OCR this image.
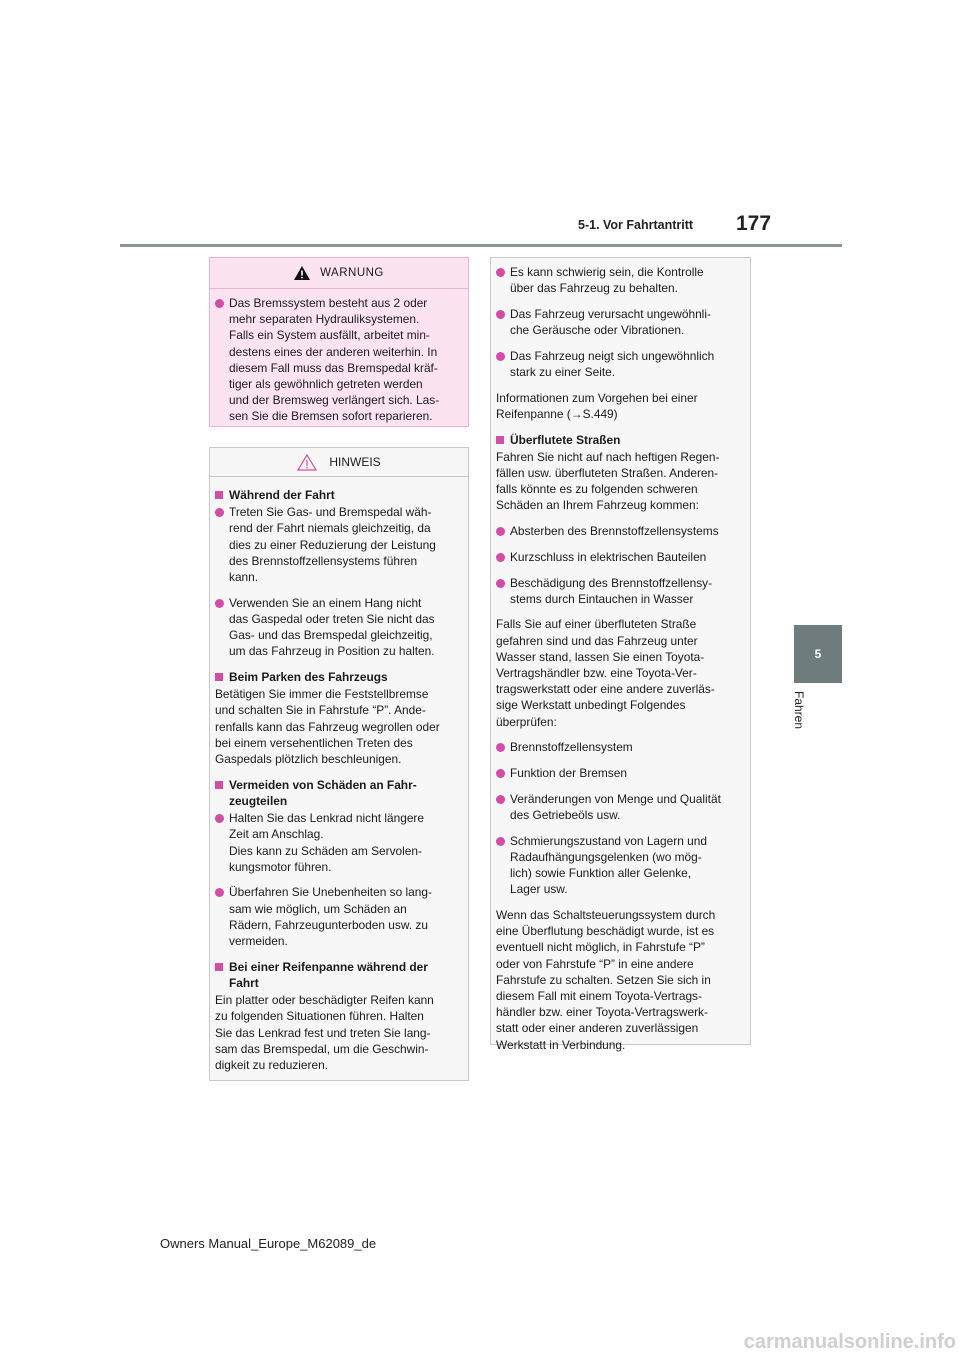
5-1. Vor Fahrtantritt 177
5
Fahren
WARNUNG
Das Bremssystem besteht aus 2 oder
mehr separaten Hydrauliksystemen.
Falls ein System ausfällt, arbeitet min-
destens eines der anderen weiterhin. In
diesem Fall muss das Bremspedal kräf-
tiger als gewöhnlich getreten werden
und der Bremsweg verlängert sich. Las-
sen Sie die Bremsen sofort reparieren.
HINWEIS
Während der Fahrt
Treten Sie Gas- und Bremspedal wäh-
rend der Fahrt niemals gleichzeitig, da
dies zu einer Reduzierung der Leistung
des Brennstoffzellensystems führen
kann.
Verwenden Sie an einem Hang nicht
das Gaspedal oder treten Sie nicht das
Gas- und das Bremspedal gleichzeitig,
um das Fahrzeug in Position zu halten.
Beim Parken des Fahrzeugs
Betätigen Sie immer die Feststellbremse
und schalten Sie in Fahrstufe “P”. Ande-
renfalls kann das Fahrzeug wegrollen oder
bei einem versehentlichen Treten des
Gaspedals plötzlich beschleunigen.
Vermeiden von Schäden an Fahr-
zeugteilen
Halten Sie das Lenkrad nicht längere
Zeit am Anschlag.
Dies kann zu Schäden am Servolen-
kungsmotor führen.
Überfahren Sie Unebenheiten so lang-
sam wie möglich, um Schäden an
Rädern, Fahrzeugunterboden usw. zu
vermeiden.
Bei einer Reifenpanne während der
Fahrt
Ein platter oder beschädigter Reifen kann
zu folgenden Situationen führen. Halten
Sie das Lenkrad fest und treten Sie lang-
sam das Bremspedal, um die Geschwin-
digkeit zu reduzieren.
Es kann schwierig sein, die Kontrolle
über das Fahrzeug zu behalten.
Das Fahrzeug verursacht ungewöhnli-
che Geräusche oder Vibrationen.
Das Fahrzeug neigt sich ungewöhnlich
stark zu einer Seite.
Informationen zum Vorgehen bei einer
Reifenpanne (→S.449)
Überflutete Straßen
Fahren Sie nicht auf nach heftigen Regen-
fällen usw. überfluteten Straßen. Anderen-
falls könnte es zu folgenden schweren
Schäden an Ihrem Fahrzeug kommen:
Absterben des Brennstoffzellensystems
Kurzschluss in elektrischen Bauteilen
Beschädigung des Brennstoffzellensy-
stems durch Eintauchen in Wasser
Falls Sie auf einer überfluteten Straße
gefahren sind und das Fahrzeug unter
Wasser stand, lassen Sie einen Toyota-
Vertragshändler bzw. eine Toyota-Ver-
tragswerkstatt oder eine andere zuverläs-
sige Werkstatt unbedingt Folgendes
überprüfen:
Brennstoffzellensystem
Funktion der Bremsen
Veränderungen von Menge und Qualität
des Getriebeöls usw.
Schmierungszustand von Lagern und
Radaufhängungsgelenken (wo mög-
lich) sowie Funktion aller Gelenke,
Lager usw.
Wenn das Schaltsteuerungssystem durch
eine Überflutung beschädigt wurde, ist es
eventuell nicht möglich, in Fahrstufe “P”
oder von Fahrstufe “P” in eine andere
Fahrstufe zu schalten. Setzen Sie sich in
diesem Fall mit einem Toyota-Vertrags-
händler bzw. einer Toyota-Vertragswerk-
statt oder einer anderen zuverlässigen
Werkstatt in Verbindung.
Owners Manual_Europe_M62089_de
carmanualsonline.info
